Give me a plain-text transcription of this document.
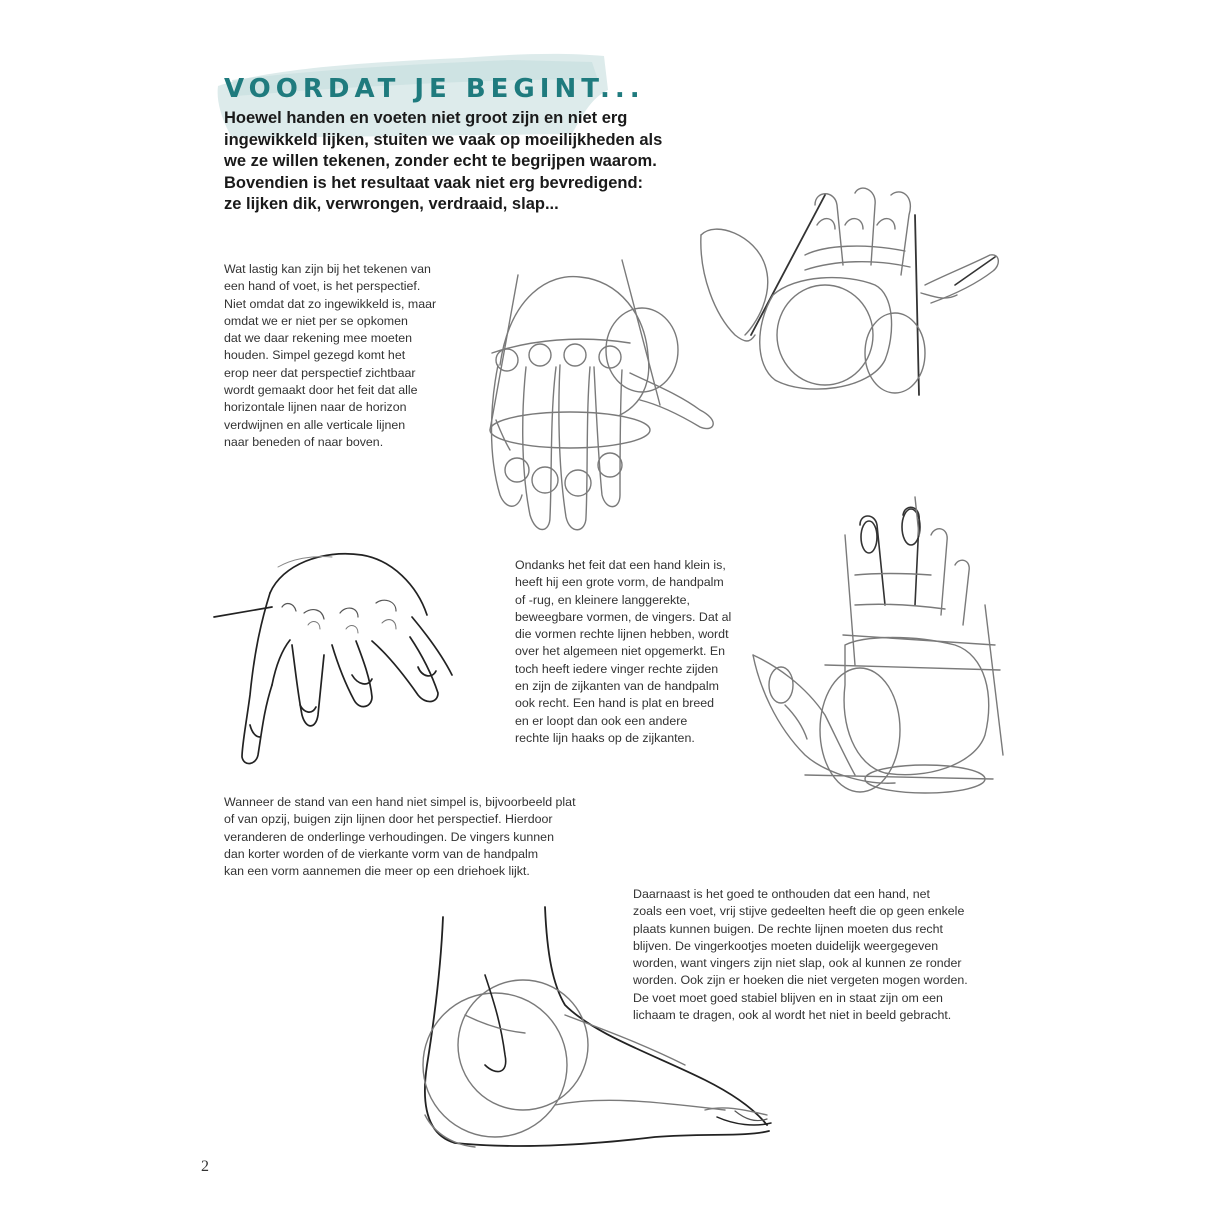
VOORDAT JE BEGINT...

Hoewel handen en voeten niet groot zijn en niet erg
ingewikkeld lijken, stuiten we vaak op moeilijkheden als
we ze willen tekenen, zonder echt te begrijpen waarom.
Bovendien is het resultaat vaak niet erg bevredigend:
ze lijken dik, verwrongen, verdraaid, slap...

Wat lastig kan zijn bij het tekenen van
een hand of voet, is het perspectief.
Niet omdat dat zo ingewikkeld is, maar
omdat we er niet per se opkomen
dat we daar rekening mee moeten
houden. Simpel gezegd komt het
erop neer dat perspectief zichtbaar
wordt gemaakt door het feit dat alle
horizontale lijnen naar de horizon
verdwijnen en alle verticale lijnen
naar beneden of naar boven.

Ondanks het feit dat een hand klein is,
heeft hij een grote vorm, de handpalm
of -rug, en kleinere langgerekte,
beweegbare vormen, de vingers. Dat al
die vormen rechte lijnen hebben, wordt
over het algemeen niet opgemerkt. En
toch heeft iedere vinger rechte zijden
en zijn de zijkanten van de handpalm
ook recht. Een hand is plat en breed
en er loopt dan ook een andere
rechte lijn haaks op de zijkanten.

Wanneer de stand van een hand niet simpel is, bijvoorbeeld plat
of van opzij, buigen zijn lijnen door het perspectief. Hierdoor
veranderen de onderlinge verhoudingen. De vingers kunnen
dan korter worden of de vierkante vorm van de handpalm
kan een vorm aannemen die meer op een driehoek lijkt.

Daarnaast is het goed te onthouden dat een hand, net
zoals een voet, vrij stijve gedeelten heeft die op geen enkele
plaats kunnen buigen. De rechte lijnen moeten dus recht
blijven. De vingerkootjes moeten duidelijk weergegeven
worden, want vingers zijn niet slap, ook al kunnen ze ronder
worden. Ook zijn er hoeken die niet vergeten mogen worden.
De voet moet goed stabiel blijven en in staat zijn om een
lichaam te dragen, ook al wordt het niet in beeld gebracht.

2
